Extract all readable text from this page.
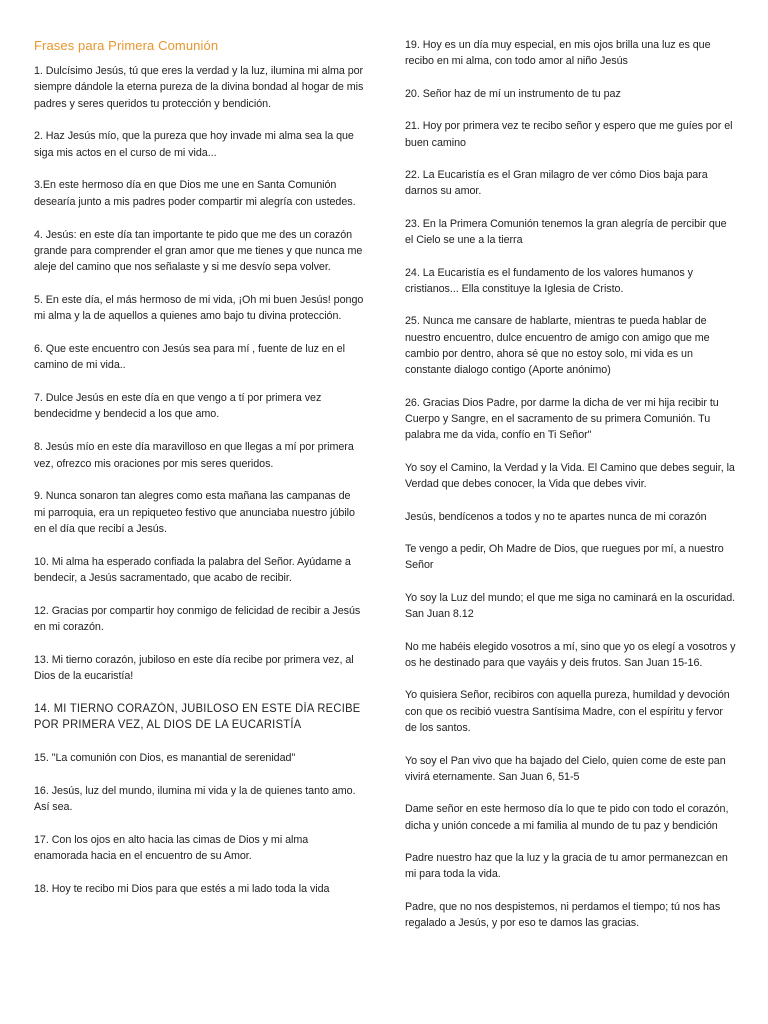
Frases para Primera Comunión

1. Dulcísimo Jesús, tú que eres la verdad y la luz, ilumina mi alma por siempre dándole la eterna pureza de la divina bondad al hogar de mis padres y seres queridos tu protección y bendición.

2. Haz Jesús mío, que la pureza que hoy invade mi alma sea la que siga mis actos en el curso de mi vida...

3.En este hermoso día en que Dios me une en Santa Comunión desearía junto a mis padres poder compartir mi alegría con ustedes.

4. Jesús: en este día tan importante te pido que me des un corazón grande para comprender el gran amor que me tienes y que nunca me aleje del camino que nos señalaste y si me desvío sepa volver.

5. En este día, el más hermoso de mi vida, ¡Oh mi buen Jesús! pongo mi alma y la de aquellos a quienes amo bajo tu divina protección.

6. Que este encuentro con Jesús sea para mí , fuente de luz en el camino de mi vida..

7. Dulce Jesús en este día en que vengo a tí por primera vez bendecidme y bendecid a los que amo.

8. Jesús mío en este día maravilloso en que llegas a mí por primera vez, ofrezco mis oraciones por mis seres queridos.

9. Nunca sonaron tan alegres como esta mañana las campanas de mi parroquia, era un repiqueteo festivo que anunciaba nuestro júbilo en el día que recibí a Jesús.

10. Mi alma ha esperado confiada la palabra del Señor. Ayúdame a bendecir, a Jesús sacramentado, que acabo de recibir.

12. Gracias por compartir hoy conmigo de felicidad de recibir a Jesús en mi corazón.

13. Mi tierno corazón, jubiloso en este día recibe por primera vez, al Dios de la eucaristía!

14. MI TIERNO CORAZÓN, JUBILOSO EN ESTE DÍA RECIBE POR PRIMERA VEZ, AL DIOS DE LA EUCARISTÍA

15. "La comunión con Dios, es manantial de serenidad"

16. Jesús, luz del mundo, ilumina mi vida y la de quienes tanto amo. Así sea.

17. Con los ojos en alto hacia las cimas de Dios y mi alma enamorada hacia en el encuentro de su Amor.

18. Hoy te recibo mi Dios para que estés a mi lado toda la vida

19. Hoy es un día muy especial, en mis ojos brilla una luz es que recibo en mi alma, con todo amor al niño Jesús

20. Señor haz de mí un instrumento de tu paz

21. Hoy por primera vez te recibo señor y espero que me guíes por el buen camino

22. La Eucaristía es el Gran milagro de ver cómo Dios baja para darnos su amor.

23. En la Primera Comunión tenemos la gran alegría de percibir que el Cielo se une a la tierra

24. La Eucaristía es el fundamento de los valores humanos y cristianos... Ella constituye la Iglesia de Cristo.

25. Nunca me cansare de hablarte, mientras te pueda hablar de nuestro encuentro, dulce encuentro de amigo con amigo que me cambio por dentro, ahora sé que no estoy solo, mi vida es un constante dialogo contigo (Aporte anónimo)

26. Gracias Dios Padre, por darme la dicha de ver mi hija recibir tu Cuerpo y Sangre, en el sacramento de su primera Comunión. Tu palabra me da vida, confío en Ti Señor"

Yo soy el Camino, la Verdad y la Vida. El Camino que debes seguir, la Verdad que debes conocer, la Vida que debes vivir.

Jesús, bendícenos a todos y no te apartes nunca de mi corazón

Te vengo a pedir, Oh Madre de Dios, que ruegues por mí, a nuestro Señor

Yo soy la Luz del mundo; el que me siga no caminará en la oscuridad. San Juan 8.12

No me habéis elegido vosotros a mí, sino que yo os elegí a vosotros y os he destinado para que vayáis y deis frutos. San Juan 15-16.

Yo quisiera Señor, recibiros con aquella pureza, humildad y devoción con que os recibió vuestra Santísima Madre, con el espíritu y fervor de los santos.

Yo soy el Pan vivo que ha bajado del Cielo, quien come de este pan vivirá eternamente. San Juan 6, 51-5

Dame señor en este hermoso día lo que te pido con todo el corazón, dicha y unión concede a mi familia al mundo de tu paz y bendición

Padre nuestro haz que la luz y la gracia de tu amor permanezcan en mi para toda la vida.

Padre, que no nos despistemos, ni perdamos el tiempo; tú nos has regalado a Jesús, y por eso te damos las gracias.
